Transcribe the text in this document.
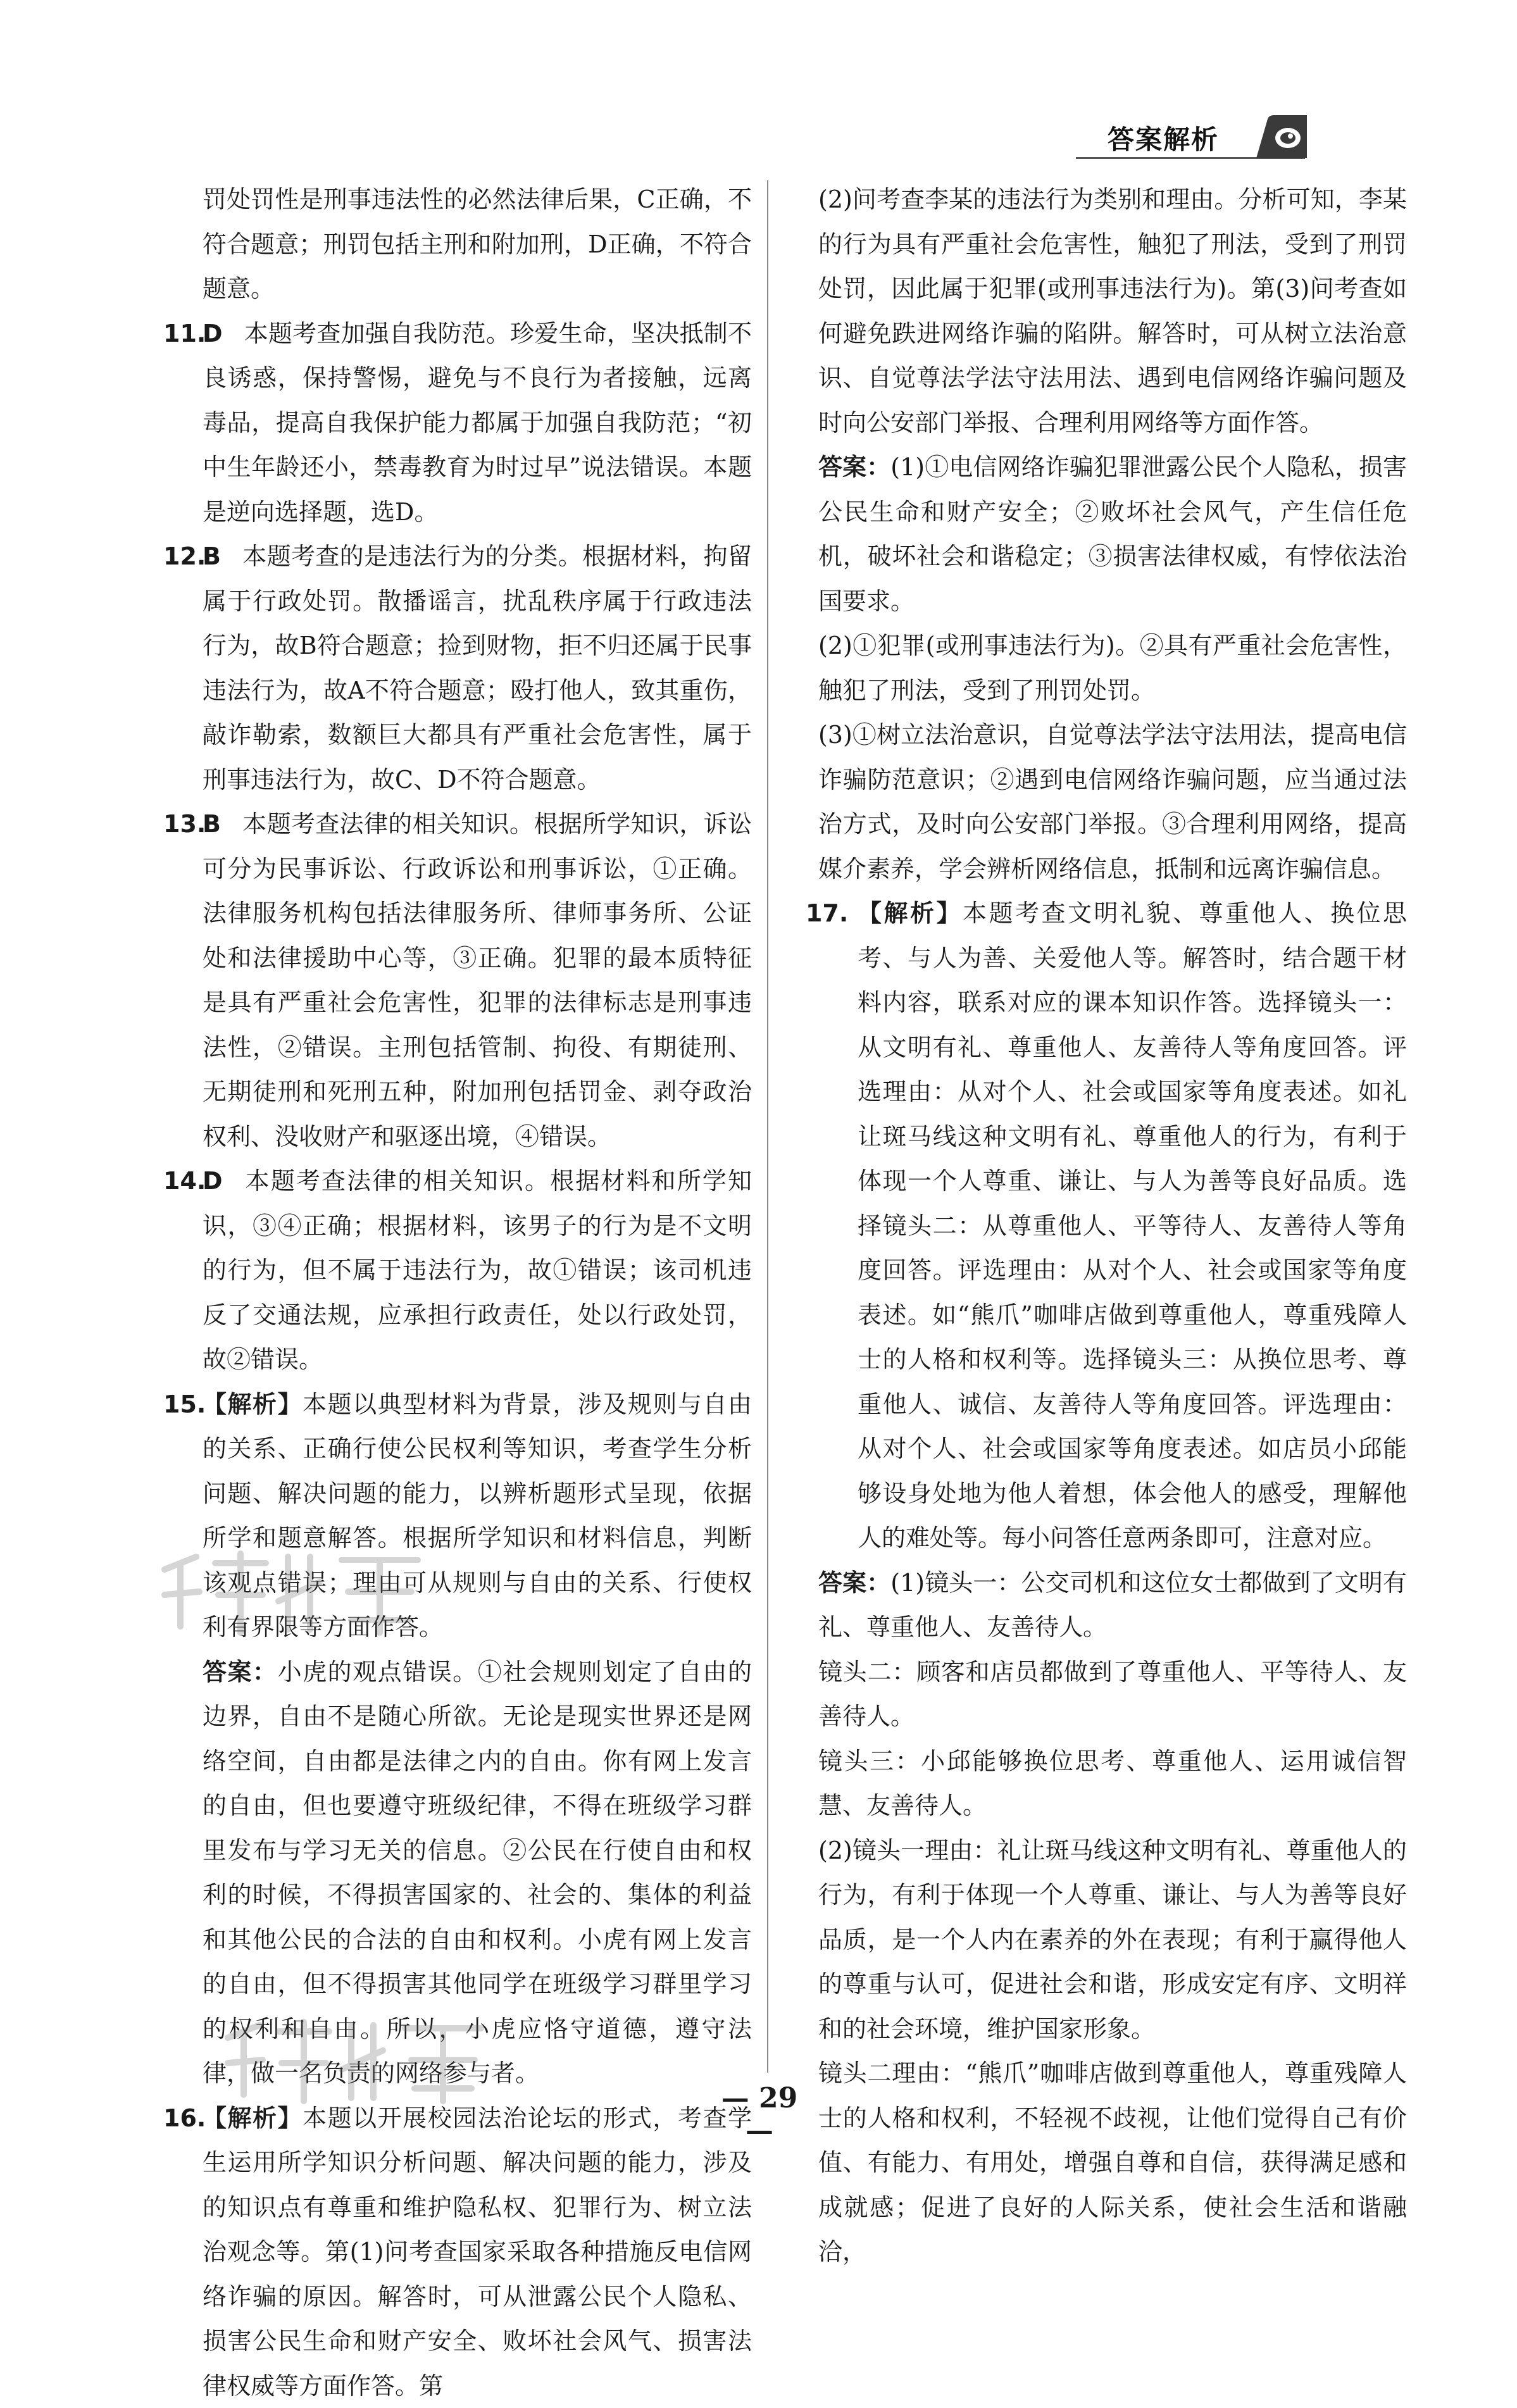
答案解析

罚处罚性是刑事违法性的必然法律后果，C正确，不符合题意；刑罚包括主刑和附加刑，D正确，不符合题意。

11.
D 本题考查加强自我防范。珍爱生命，坚决抵制不良诱惑，保持警惕，避免与不良行为者接触，远离毒品，提高自我保护能力都属于加强自我防范；“初中生年龄还小，禁毒教育为时过早”说法错误。本题是逆向选择题，选D。
12.
B 本题考查的是违法行为的分类。根据材料，拘留属于行政处罚。散播谣言，扰乱秩序属于行政违法行为，故B符合题意；捡到财物，拒不归还属于民事违法行为，故A不符合题意；殴打他人，致其重伤，敲诈勒索，数额巨大都具有严重社会危害性，属于刑事违法行为，故C、D不符合题意。
13.
B 本题考查法律的相关知识。根据所学知识，诉讼可分为民事诉讼、行政诉讼和刑事诉讼，①正确。法律服务机构包括法律服务所、律师事务所、公证处和法律援助中心等，③正确。犯罪的最本质特征是具有严重社会危害性，犯罪的法律标志是刑事违法性，②错误。主刑包括管制、拘役、有期徒刑、无期徒刑和死刑五种，附加刑包括罚金、剥夺政治权利、没收财产和驱逐出境，④错误。
14.
D 本题考查法律的相关知识。根据材料和所学知识，③④正确；根据材料，该男子的行为是不文明的行为，但不属于违法行为，故①错误；该司机违反了交通法规，应承担行政责任，处以行政处罚，故②错误。
15.
【解析】本题以典型材料为背景，涉及规则与自由的关系、正确行使公民权利等知识，考查学生分析问题、解决问题的能力，以辨析题形式呈现，依据所学和题意解答。根据所学知识和材料信息，判断该观点错误；理由可从规则与自由的关系、行使权利有界限等方面作答。

答案：小虎的观点错误。①社会规则划定了自由的边界，自由不是随心所欲。无论是现实世界还是网络空间，自由都是法律之内的自由。你有网上发言的自由，但也要遵守班级纪律，不得在班级学习群里发布与学习无关的信息。②公民在行使自由和权利的时候，不得损害国家的、社会的、集体的利益和其他公民的合法的自由和权利。小虎有网上发言的自由，但不得损害其他同学在班级学习群里学习的权利和自由。所以，小虎应恪守道德，遵守法律，做一名负责的网络参与者。

16.
【解析】本题以开展校园法治论坛的形式，考查学生运用所学知识分析问题、解决问题的能力，涉及的知识点有尊重和维护隐私权、犯罪行为、树立法治观念等。第(1)问考查国家采取各种措施反电信网络诈骗的原因。解答时，可从泄露公民个人隐私、损害公民生命和财产安全、败坏社会风气、损害法律权威等方面作答。第

(2)问考查李某的违法行为类别和理由。分析可知，李某的行为具有严重社会危害性，触犯了刑法，受到了刑罚处罚，因此属于犯罪(或刑事违法行为)。第(3)问考查如何避免跌进网络诈骗的陷阱。解答时，可从树立法治意识、自觉尊法学法守法用法、遇到电信网络诈骗问题及时向公安部门举报、合理利用网络等方面作答。

答案：(1)①电信网络诈骗犯罪泄露公民个人隐私，损害公民生命和财产安全；②败坏社会风气，产生信任危机，破坏社会和谐稳定；③损害法律权威，有悖依法治国要求。

(2)①犯罪(或刑事违法行为)。②具有严重社会危害性，触犯了刑法，受到了刑罚处罚。

(3)①树立法治意识，自觉尊法学法守法用法，提高电信诈骗防范意识；②遇到电信网络诈骗问题，应当通过法治方式，及时向公安部门举报。③合理利用网络，提高媒介素养，学会辨析网络信息，抵制和远离诈骗信息。

17. 【解析】本题考查文明礼貌、尊重他人、换位思考、与人为善、关爱他人等。解答时，结合题干材料内容，联系对应的课本知识作答。选择镜头一：从文明有礼、尊重他人、友善待人等角度回答。评选理由：从对个人、社会或国家等角度表述。如礼让斑马线这种文明有礼、尊重他人的行为，有利于体现一个人尊重、谦让、与人为善等良好品质。选择镜头二：从尊重他人、平等待人、友善待人等角度回答。评选理由：从对个人、社会或国家等角度表述。如“熊爪”咖啡店做到尊重他人，尊重残障人士的人格和权利等。选择镜头三：从换位思考、尊重他人、诚信、友善待人等角度回答。评选理由：从对个人、社会或国家等角度表述。如店员小邱能够设身处地为他人着想，体会他人的感受，理解他人的难处等。每小问答任意两条即可，注意对应。

答案：(1)镜头一：公交司机和这位女士都做到了文明有礼、尊重他人、友善待人。

镜头二：顾客和店员都做到了尊重他人、平等待人、友善待人。

镜头三：小邱能够换位思考、尊重他人、运用诚信智慧、友善待人。

(2)镜头一理由：礼让斑马线这种文明有礼、尊重他人的行为，有利于体现一个人尊重、谦让、与人为善等良好品质，是一个人内在素养的外在表现；有利于赢得他人的尊重与认可，促进社会和谐，形成安定有序、文明祥和的社会环境，维护国家形象。

镜头二理由：“熊爪”咖啡店做到尊重他人，尊重残障人士的人格和权利，不轻视不歧视，让他们觉得自己有价值、有能力、有用处，增强自尊和自信，获得满足感和成就感；促进了良好的人际关系，使社会生活和谐融洽，

— 29 —
